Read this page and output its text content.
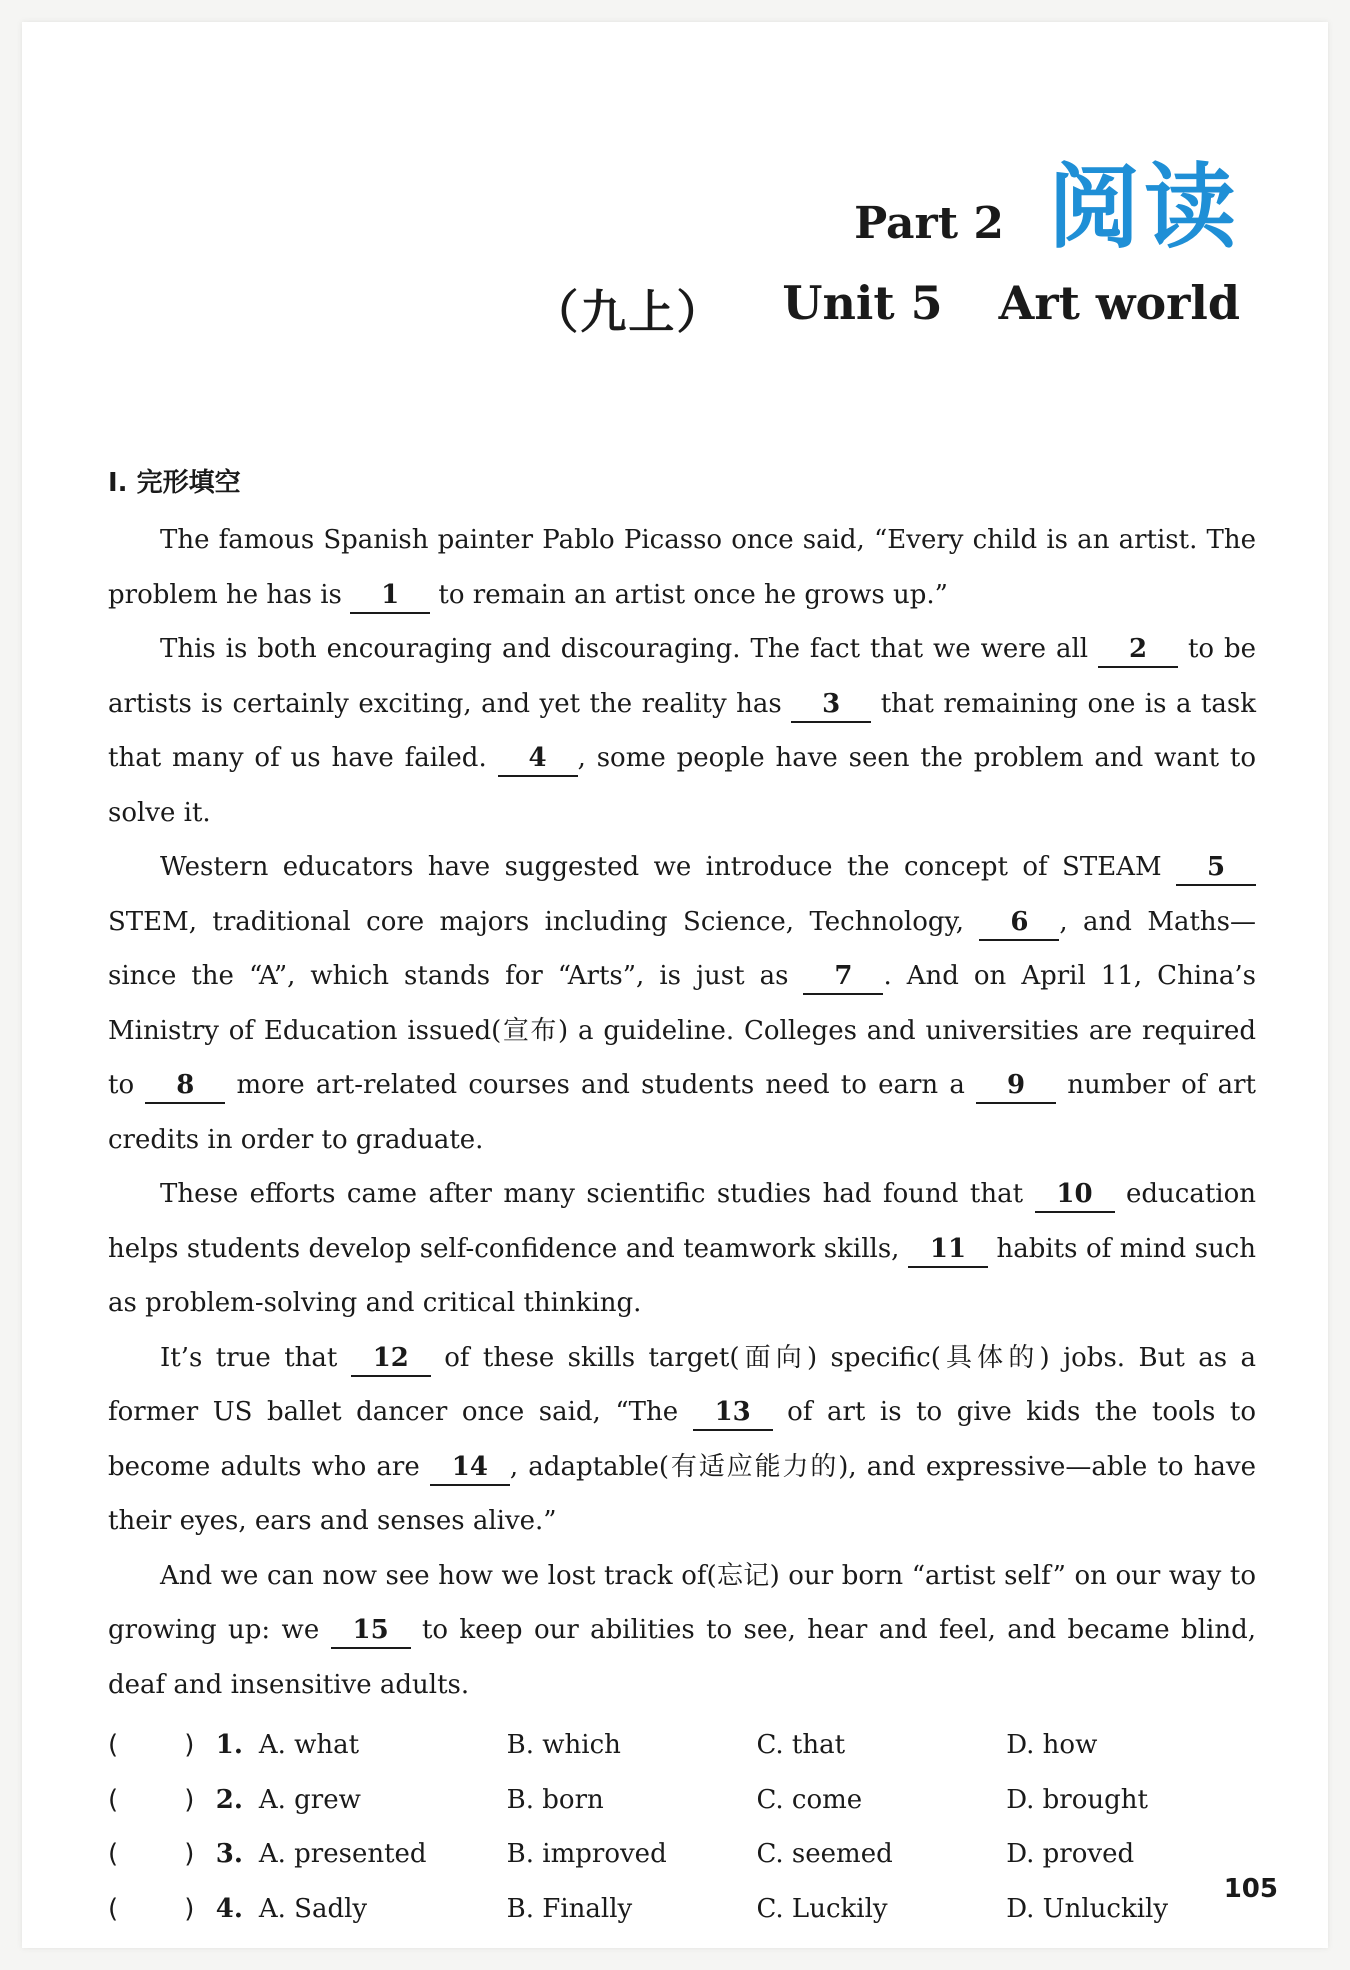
Part 2 阅读
（九上） Unit 5 Art world
Ⅰ. 完形填空

The famous Spanish painter Pablo Picasso once said, “Every child is an artist. The problem he has is 1 to remain an artist once he grows up.”

This is both encouraging and discouraging. The fact that we were all 2 to be artists is certainly exciting, and yet the reality has 3 that remaining one is a task that many of us have failed. 4 , some people have seen the problem and want to solve it.

Western educators have suggested we introduce the concept of STEAM 5 STEM, traditional core majors including Science, Technology, 6 , and Maths—since the “A”, which stands for “Arts”, is just as 7 . And on April 11, China’s Ministry of Education issued(宣布) a guideline. Colleges and universities are required to 8 more art-related courses and students need to earn a 9 number of art credits in order to graduate.

These efforts came after many scientific studies had found that 10 education helps students develop self-confidence and teamwork skills, 11 habits of mind such as problem-solving and critical thinking.

It’s true that 12 of these skills target(面向) specific(具体的) jobs. But as a former US ballet dancer once said, “The 13 of art is to give kids the tools to become adults who are 14 , adaptable(有适应能力的), and expressive—able to have their eyes, ears and senses alive.”

And we can now see how we lost track of(忘记) our born “artist self” on our way to growing up: we 15 to keep our abilities to see, hear and feel, and became blind, deaf and insensitive adults.

(        ) 1. A. what	B. which	C. that	D. how
(        ) 2. A. grew	B. born	C. come	D. brought
(        ) 3. A. presented	B. improved	C. seemed	D. proved
(        ) 4. A. Sadly	B. Finally	C. Luckily	D. Unluckily
105
